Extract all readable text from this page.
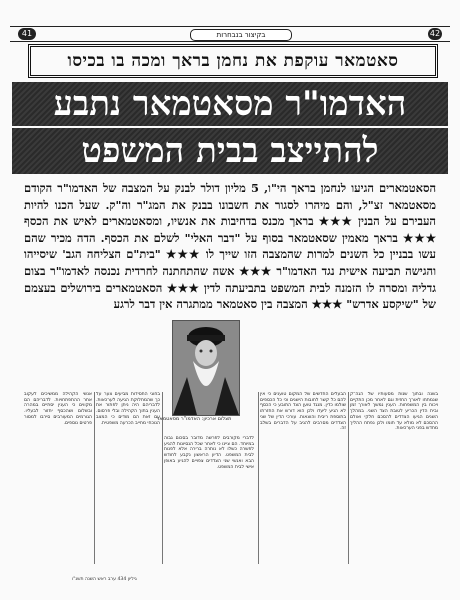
41	בקיצור בנבחרות	42
סאטמאר עוקפת את נחמן בראך ומכה בו בכיסו
האדמו"ר מסאטמאר נתבע
להתייצב בבית המשפט
הסאטמארים הגיעו לנחמן בראך הי"ו, 5 מליון דולר לבנק על המצבה של האדמו"ר הקודם מסאטמאר זצ"ל, והם מיהרו לסגור את חשבונו בבנק את המג"ר וה"ק. שעל הכנו להיות העבירם על הבנין ★★★ בראך מכנס בדחיבות את אנשיו, ומסאטמארים לאיש את הכסף ★★★ בראך מאמין שסאטמאר בסוף על "דבר האלי" לשלם את הכסף. הדה מכיר שהם עשו בבניין כל השנים למרות שהמצבה הזו שייך לו ★★★ "בית"ם הצליחה הגב' שיסייהו והגישה תביעה אישית נגד האדמו"ר ★★★ אשה שהתחתנה לחרדית נכנסה לאדמו"ר בצום גדליה ומסרה לו הזמנה לבית המשפט בתביעתה לדין ★★★ הסאטמארים בירושלים בעצמם של "שיקסע אדרש" ★★★ המצבה בין סאטמאר ממתגרה אין דבר לרגע
בשנה ובתוך שנות מסעותיו של הגה"ק שנמתחו לאורך החזית וגם לאחר מכן התקיים ויכוח בין המשפחות. הענין נמשך לאורך זמן ובית הדין הכריע לטובת הצד השני. במהלך השנים הגיעו הצדדים להסכם חלקי ואולם ההסכם לא מולא עד תומו ולכן נפתח ההליך מחדש בפני הערכאות.
הבעלים החדשים של המקום טוענים כי אין להם כל קשר לחובות הישנים וכי כל הכספים שולמו כדין. מנגד טוען הצד התובע כי הכסף לא הגיע ליעדו ולכן הוא דורש את החזרתו בתוספת ריבית והוצאות. עורכי הדין של שני הצדדים מסרבים להגיב על הדברים בשלב זה.
לדברי מקורבים לפרשה מדובר בסכום גבוה במיוחד. הם ציינו כי לאחר שכל הנסיונות להגיע לפשרה כשלו לא נותרה ברירה אלא לפנות לבית המשפט. הדיון הראשון נקבע לחודש הבא ואנשי שני הצדדים צפויים להגיע באופן אישי לבית המשפט.
בחוגי החסידות מביעים צער על כך שהמחלוקת הגיעה לערכאות. לדבריהם היה ניתן לפתור את הענין בתוך הקהילה ובלי פרסום. עם זאת הם מודים כי המצב הנוכחי מחייב הכרעה משפטית.
אנשי הקהילה ממשיכים לעקוב אחר ההתפתחויות. לדבריהם הם מקווים כי הענין יסתיים במהרה ובשלום ושהכסף יחזור לבעליו. הגורמים המעורבים סירבו למסור פרטים נוספים.
תצלום ארכיון: האדמו"ר מסאטמאר
גיליון 434 ערב ראש השנה תשנ"ו
